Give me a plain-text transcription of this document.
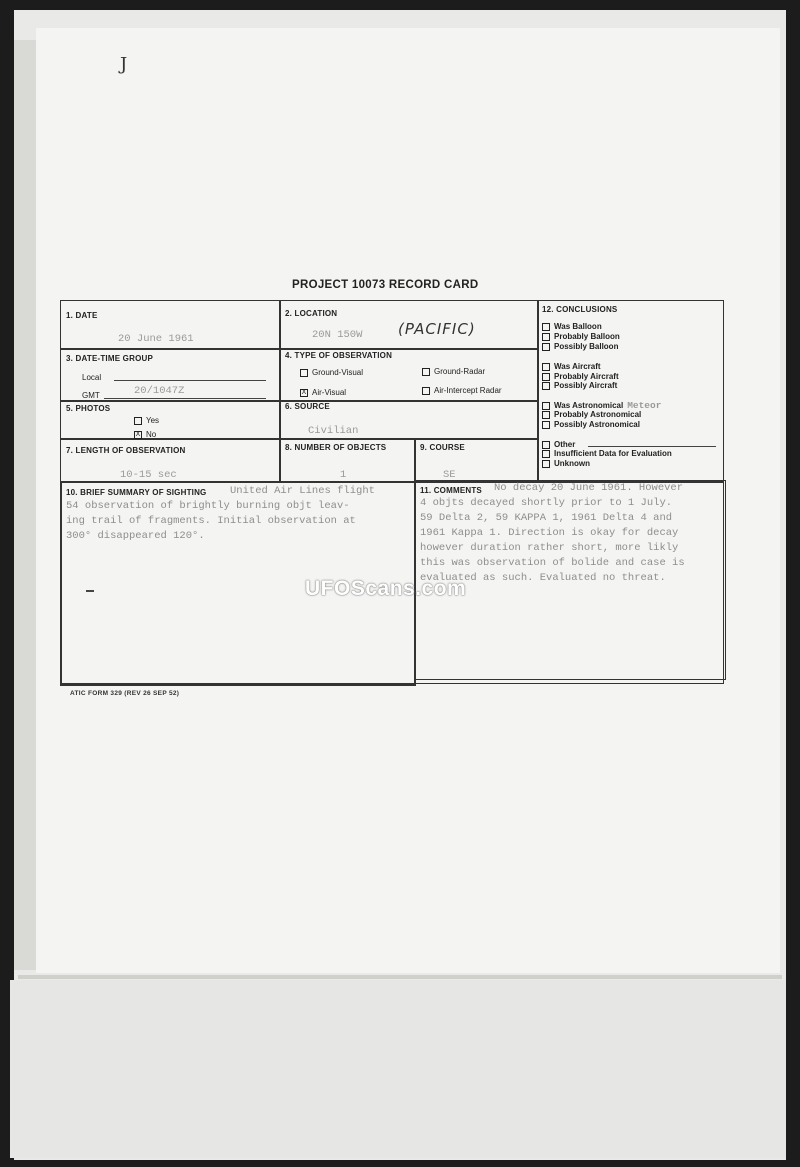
J
PROJECT 10073 RECORD CARD
1. DATE
20 June 1961
2. LOCATION
20N 150W (PACIFIC)
3. DATE-TIME GROUP
Local
GMT	20/1047Z
4. TYPE OF OBSERVATION
Ground-Visual	Ground-Radar
X Air-Visual	Air-Intercept Radar
5. PHOTOS
Yes
X No
6. SOURCE
Civilian
7. LENGTH OF OBSERVATION
10-15 sec
8. NUMBER OF OBJECTS
1
9. COURSE
SE
10. BRIEF SUMMARY OF SIGHTING United Air Lines flight
54 observation of brightly burning objt leav-
ing trail of fragments. Initial observation at
300° disappeared 120°.
11. COMMENTS No decay 20 June 1961. However
4 objts decayed shortly prior to 1 July.
59 Delta 2, 59 KAPPA 1, 1961 Delta 4 and
1961 Kappa 1. Direction is okay for decay
however duration rather short, more likly
this was observation of bolide and case is
evaluated as such. Evaluated no threat.
12. CONCLUSIONS
Was Balloon
Probably Balloon
Possibly Balloon
Was Aircraft
Probably Aircraft
Possibly Aircraft
Was Astronomical Meteor
Probably Astronomical
Possibly Astronomical
Other
Insufficient Data for Evaluation
Unknown
UFOScans.com
ATIC FORM 329 (REV 26 SEP 52)
